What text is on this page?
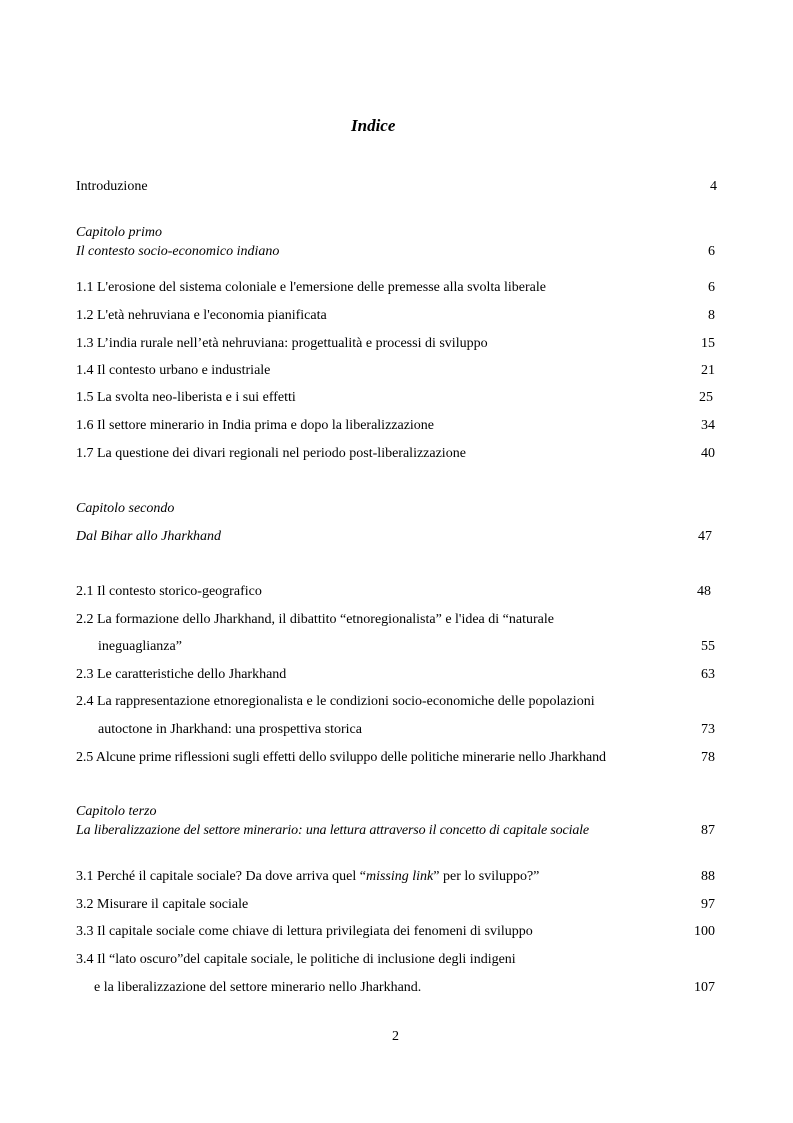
Indice
Introduzione	4
Capitolo primo
Il contesto socio-economico indiano	6
1.1 L'erosione del sistema coloniale e l'emersione delle premesse alla svolta liberale	6
1.2 L'età nehruviana e l'economia pianificata	8
1.3 L’india rurale nell’età nehruviana: progettualità e processi di sviluppo	15
1.4 Il contesto urbano e industriale	21
1.5 La svolta neo-liberista e i sui effetti	25
1.6 Il settore minerario in India prima e dopo la liberalizzazione	34
1.7 La questione dei divari regionali nel periodo post-liberalizzazione	40
Capitolo secondo
Dal Bihar allo Jharkhand	47
2.1 Il contesto storico-geografico	48
2.2 La formazione dello Jharkhand, il dibattito “etnoregionalista” e l'idea di “naturale
ineguaglianza”	55
2.3 Le caratteristiche dello Jharkhand	63
2.4 La rappresentazione etnoregionalista e le condizioni socio-economiche delle popolazioni
autoctone in Jharkhand: una prospettiva storica	73
2.5 Alcune prime riflessioni sugli effetti dello sviluppo delle politiche minerarie nello Jharkhand	78
Capitolo terzo
La liberalizzazione del settore minerario: una lettura attraverso il concetto di capitale sociale	87
3.1 Perché il capitale sociale? Da dove arriva quel “missing link” per lo sviluppo?”	88
3.2 Misurare il capitale sociale	97
3.3 Il capitale sociale come chiave di lettura privilegiata dei fenomeni di sviluppo	100
3.4 Il “lato oscuro”del capitale sociale, le politiche di inclusione degli indigeni
e la liberalizzazione del settore minerario nello Jharkhand.	107
2
